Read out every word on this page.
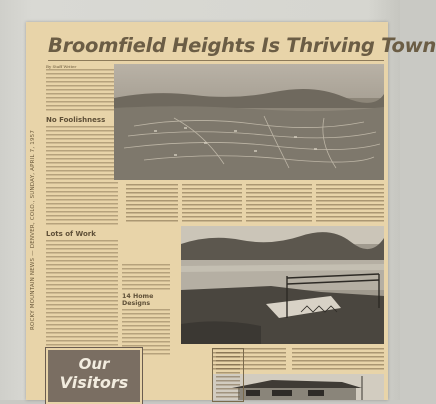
ROCKY MOUNTAIN NEWS — DENVER, COLO., SUNDAY, APRIL 7, 1957
Broomfield Heights Is Thriving Town
By Staff Writer
No Foolishness
Lots of Work
14 Home Designs
Our
Visitors
